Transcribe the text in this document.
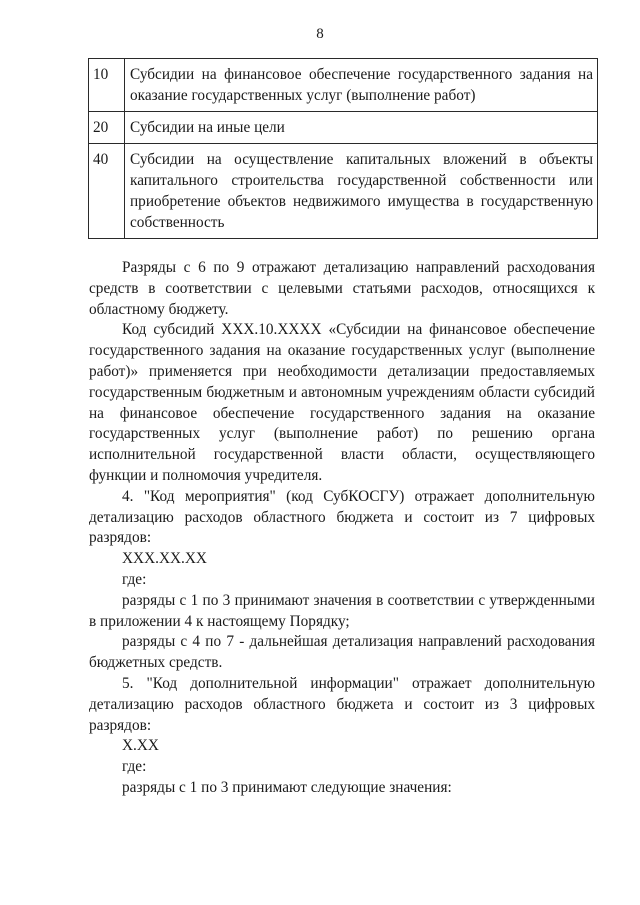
8
10	Субсидии на финансовое обеспечение государственного задания на оказание государственных услуг (выполнение работ)
20	Субсидии на иные цели
40	Субсидии на осуществление капитальных вложений в объекты капитального строительства государственной собственности или приобретение объектов недвижимого имущества в государственную собственность

Разряды с 6 по 9 отражают детализацию направлений расходования средств в соответствии с целевыми статьями расходов, относящихся к областному бюджету.

Код субсидий ХХХ.10.ХХХХ «Субсидии на финансовое обеспечение государственного задания на оказание государственных услуг (выполнение работ)» применяется при необходимости детализации предоставляемых государственным бюджетным и автономным учреждениям области субсидий на финансовое обеспечение государственного задания на оказание государственных услуг (выполнение работ) по решению органа исполнительной государственной власти области, осуществляющего функции и полномочия учредителя.

4. "Код мероприятия" (код СубКОСГУ) отражает дополнительную детализацию расходов областного бюджета и состоит из 7 цифровых разрядов:

ХХХ.ХХ.ХХ

где:

разряды с 1 по 3 принимают значения в соответствии с утвержденными в приложении 4 к настоящему Порядку;

разряды с 4 по 7 - дальнейшая детализация направлений расходования бюджетных средств.

5. "Код дополнительной информации" отражает дополнительную детализацию расходов областного бюджета и состоит из 3 цифровых разрядов:

Х.ХХ

где:

разряды с 1 по 3 принимают следующие значения:
